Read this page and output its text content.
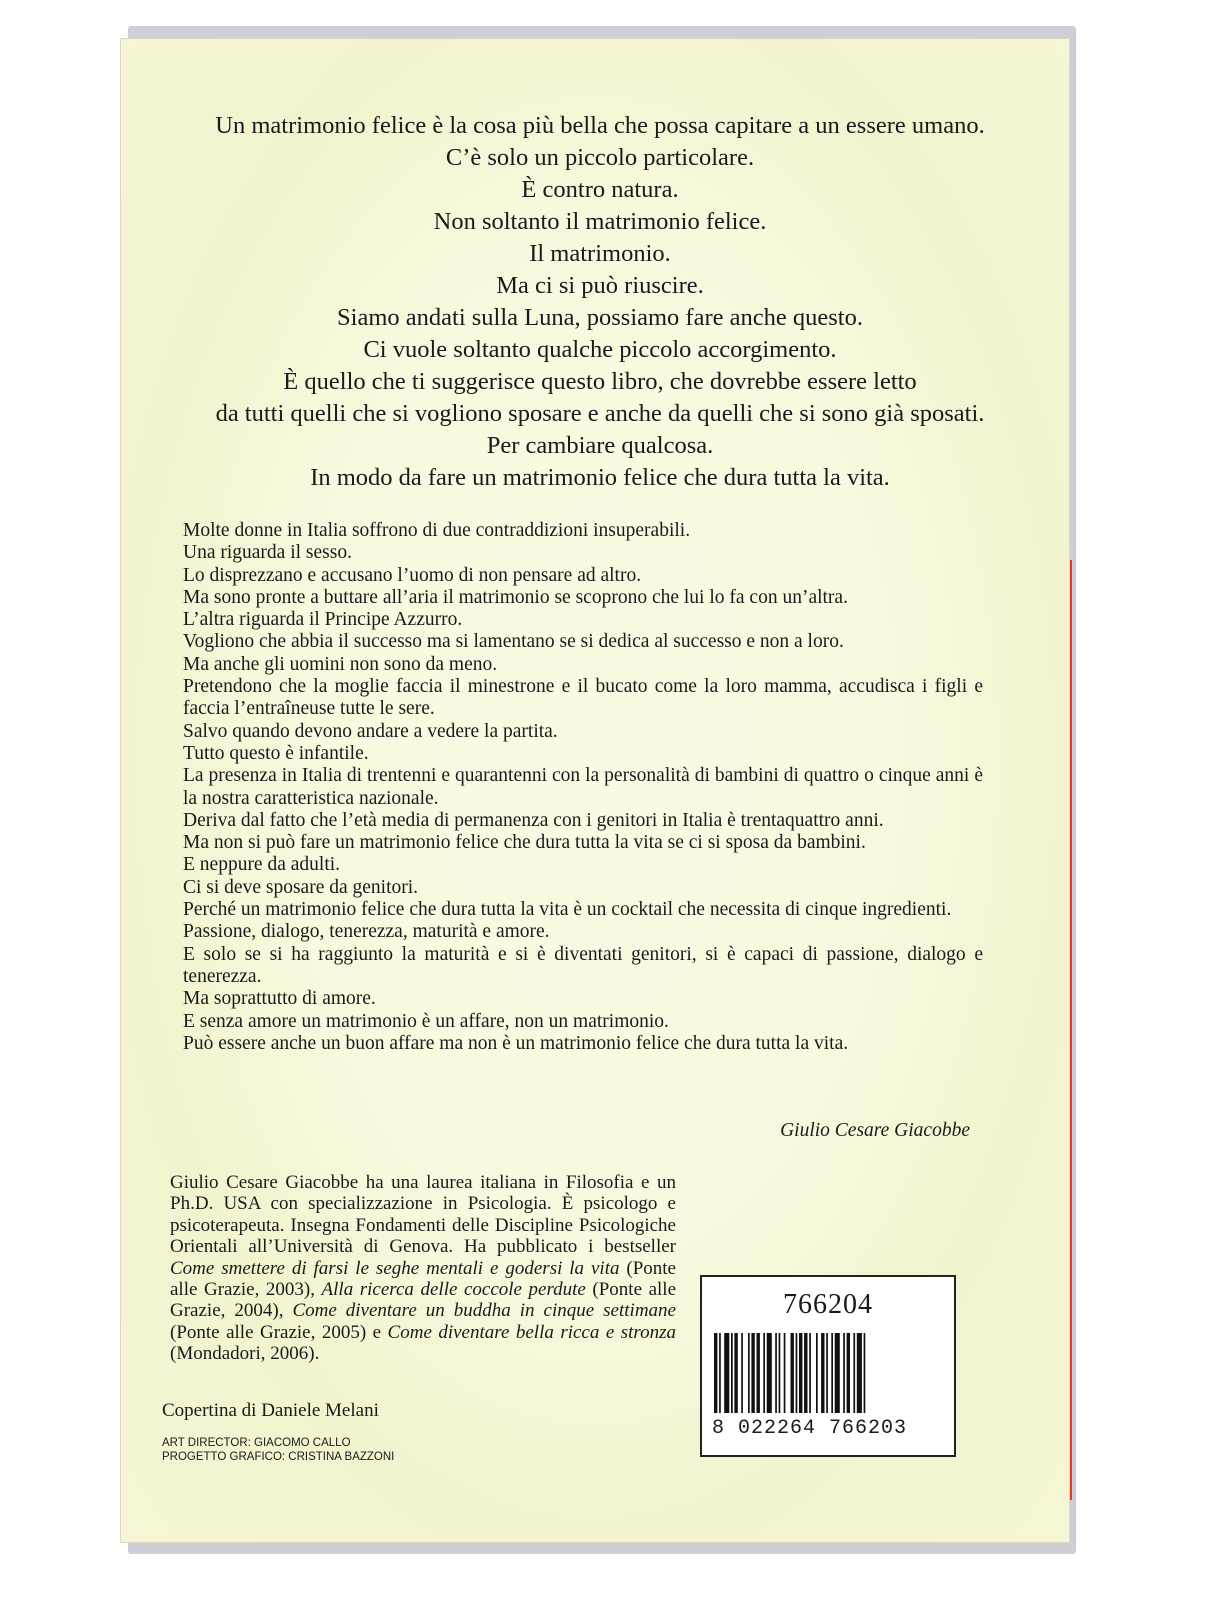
Un matrimonio felice è la cosa più bella che possa capitare a un essere umano.
C’è solo un piccolo particolare.
È contro natura.
Non soltanto il matrimonio felice.
Il matrimonio.
Ma ci si può riuscire.
Siamo andati sulla Luna, possiamo fare anche questo.
Ci vuole soltanto qualche piccolo accorgimento.
È quello che ti suggerisce questo libro, che dovrebbe essere letto
da tutti quelli che si vogliono sposare e anche da quelli che si sono già sposati.
Per cambiare qualcosa.
In modo da fare un matrimonio felice che dura tutta la vita.
Molte donne in Italia soffrono di due contraddizioni insuperabili.
Una riguarda il sesso.
Lo disprezzano e accusano l’uomo di non pensare ad altro.
Ma sono pronte a buttare all’aria il matrimonio se scoprono che lui lo fa con un’altra.
L’altra riguarda il Principe Azzurro.
Vogliono che abbia il successo ma si lamentano se si dedica al successo e non a loro.
Ma anche gli uomini non sono da meno.
Pretendono che la moglie faccia il minestrone e il bucato come la loro mamma, accudisca i figli e faccia l’entraîneuse tutte le sere.
Salvo quando devono andare a vedere la partita.
Tutto questo è infantile.
La presenza in Italia di trentenni e quarantenni con la personalità di bambini di quattro o cinque anni è la nostra caratteristica nazionale.
Deriva dal fatto che l’età media di permanenza con i genitori in Italia è trentaquattro anni.
Ma non si può fare un matrimonio felice che dura tutta la vita se ci si sposa da bambini.
E neppure da adulti.
Ci si deve sposare da genitori.
Perché un matrimonio felice che dura tutta la vita è un cocktail che necessita di cinque ingredienti.
Passione, dialogo, tenerezza, maturità e amore.
E solo se si ha raggiunto la maturità e si è diventati genitori, si è capaci di passione, dialogo e tenerezza.
Ma soprattutto di amore.
E senza amore un matrimonio è un affare, non un matrimonio.
Può essere anche un buon affare ma non è un matrimonio felice che dura tutta la vita.
Giulio Cesare Giacobbe
Giulio Cesare Giacobbe ha una laurea italiana in Filosofia e un Ph.D. USA con specializzazione in Psicologia. È psicologo e psicoterapeuta. Insegna Fondamenti delle Discipline Psicologiche Orientali all’Università di Genova. Ha pubblicato i bestseller Come smettere di farsi le seghe mentali e godersi la vita (Ponte alle Grazie, 2003), Alla ricerca delle coccole perdute (Ponte alle Grazie, 2004), Come diventare un buddha in cinque settimane (Ponte alle Grazie, 2005) e Come diventare bella ricca e stronza (Mondadori, 2006).
766204
8 022264 766203
Copertina di Daniele Melani
ART DIRECTOR: GIACOMO CALLO
PROGETTO GRAFICO: CRISTINA BAZZONI
